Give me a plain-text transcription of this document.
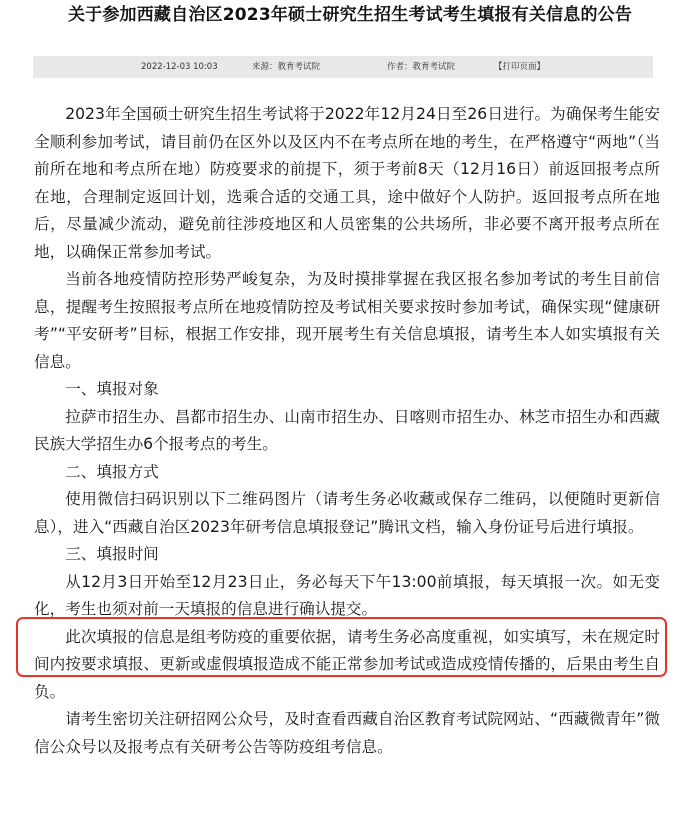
关于参加西藏自治区2023年硕士研究生招生考试考生填报有关信息的公告
2022-12-03 10:03	来源：教育考试院	作者：教育考试院	【打印页面】

2023年全国硕士研究生招生考试将于2022年12月24日至26日进行。为确保考生能安全顺利参加考试，请目前仍在区外以及区内不在考点所在地的考生，在严格遵守“两地”（当前所在地和考点所在地）防疫要求的前提下，须于考前8天（12月16日）前返回报考点所在地，合理制定返回计划，选乘合适的交通工具，途中做好个人防护。返回报考点所在地后，尽量减少流动，避免前往涉疫地区和人员密集的公共场所，非必要不离开报考点所在地，以确保正常参加考试。

当前各地疫情防控形势严峻复杂，为及时摸排掌握在我区报名参加考试的考生目前信息，提醒考生按照报考点所在地疫情防控及考试相关要求按时参加考试，确保实现“健康研考”“平安研考”目标，根据工作安排，现开展考生有关信息填报，请考生本人如实填报有关信息。

一、填报对象

拉萨市招生办、昌都市招生办、山南市招生办、日喀则市招生办、林芝市招生办和西藏民族大学招生办6个报考点的考生。

二、填报方式

使用微信扫码识别以下二维码图片（请考生务必收藏或保存二维码，以便随时更新信息），进入“西藏自治区2023年研考信息填报登记”腾讯文档，输入身份证号后进行填报。

三、填报时间

从12月3日开始至12月23日止，务必每天下午13:00前填报，每天填报一次。如无变化，考生也须对前一天填报的信息进行确认提交。

此次填报的信息是组考防疫的重要依据，请考生务必高度重视，如实填写，未在规定时间内按要求填报、更新或虚假填报造成不能正常参加考试或造成疫情传播的，后果由考生自负。

请考生密切关注研招网公众号，及时查看西藏自治区教育考试院网站、“西藏微青年”微信公众号以及报考点有关研考公告等防疫组考信息。
